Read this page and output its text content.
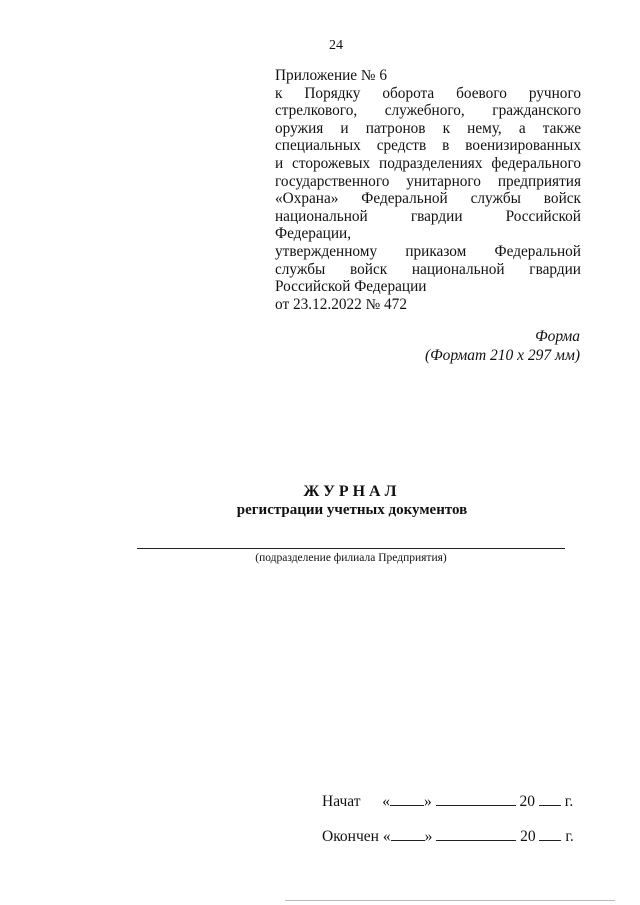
24
Приложение № 6
к Порядку оборота боевого ручного
стрелкового, служебного, гражданского
оружия и патронов к нему, а также
специальных средств в военизированных
и сторожевых подразделениях федерального
государственного унитарного предприятия
«Охрана» Федеральной службы войск
национальной гвардии Российской Федерации,
утвержденному приказом Федеральной
службы войск национальной гвардии
Российской Федерации
от 23.12.2022 № 472
Форма
(Формат 210 х 297 мм)
ЖУРНАЛ
регистрации учетных документов
(подразделение филиала Предприятия)
Начат « »	20 г.
Окончен « »	20 г.
